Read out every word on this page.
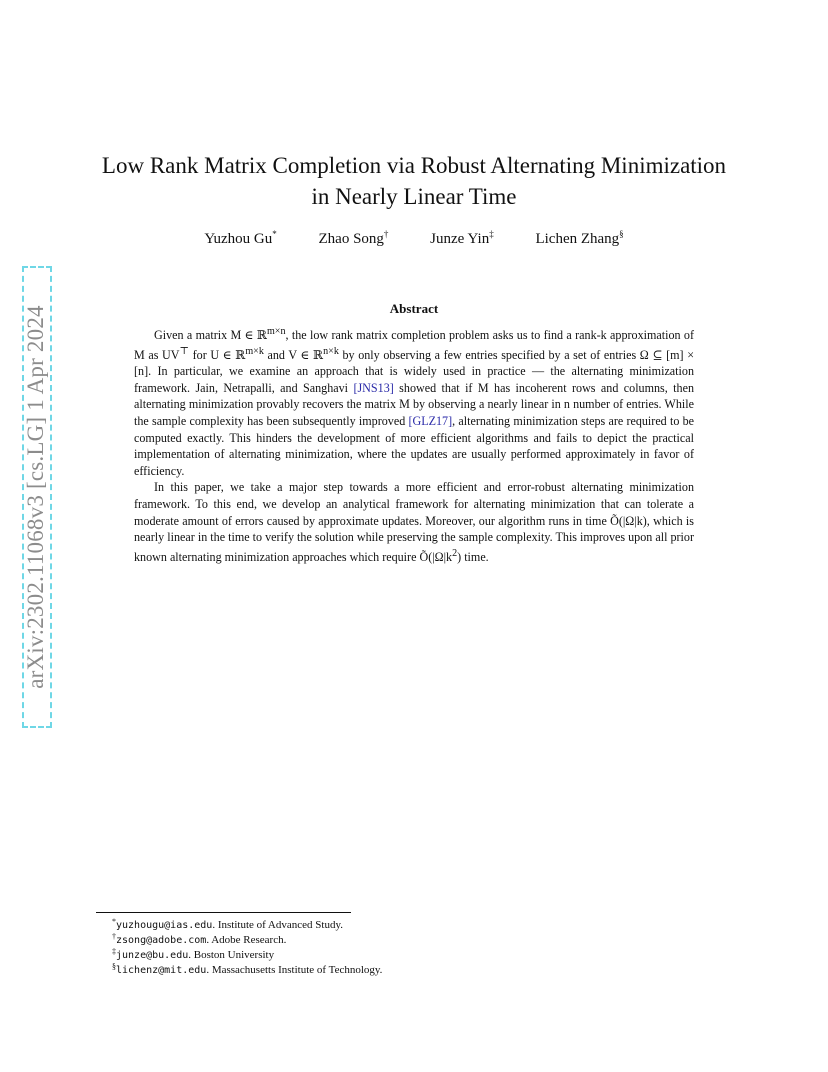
arXiv:2302.11068v3 [cs.LG] 1 Apr 2024
Low Rank Matrix Completion via Robust Alternating Minimization
in Nearly Linear Time
Yuzhou Gu*	Zhao Song†	Junze Yin‡	Lichen Zhang§
Abstract

Given a matrix M ∈ ℝ$^{m\times n}$, the low rank matrix completion problem asks us to find a rank-k approximation of M as UV⊤ for U ∈ ℝ$^{m\times k}$ and V ∈ ℝ$^{n\times k}$ by only observing a few entries specified by a set of entries Ω ⊆ [m] × [n]. In particular, we examine an approach that is widely used in practice — the alternating minimization framework. Jain, Netrapalli, and Sanghavi [JNS13] showed that if M has incoherent rows and columns, then alternating minimization provably recovers the matrix M by observing a nearly linear in n number of entries. While the sample complexity has been subsequently improved [GLZ17], alternating minimization steps are required to be computed exactly. This hinders the development of more efficient algorithms and fails to depict the practical implementation of alternating minimization, where the updates are usually performed approximately in favor of efficiency.

In this paper, we take a major step towards a more efficient and error-robust alternating minimization framework. To this end, we develop an analytical framework for alternating minimization that can tolerate a moderate amount of errors caused by approximate updates. Moreover, our algorithm runs in time Õ(|Ω|k), which is nearly linear in the time to verify the solution while preserving the sample complexity. This improves upon all prior known alternating minimization approaches which require $Õ(|\Omega|k^2)$ time.

*yuzhougu@ias.edu. Institute of Advanced Study.
†zsong@adobe.com. Adobe Research.
‡junze@bu.edu. Boston University
§lichenz@mit.edu. Massachusetts Institute of Technology.
